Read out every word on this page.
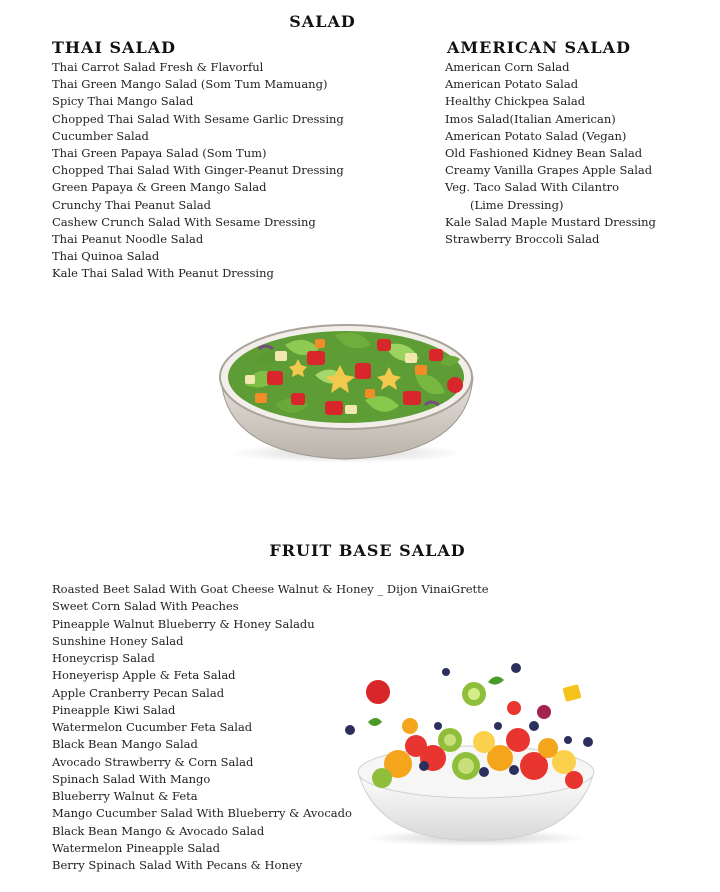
SALAD
THAI SALAD
Thai Carrot Salad Fresh & Flavorful
Thai Green Mango Salad (Som Tum Mamuang)
Spicy Thai Mango Salad
Chopped Thai Salad With Sesame Garlic Dressing
Cucumber Salad
Thai Green Papaya Salad (Som Tum)
Chopped Thai Salad With Ginger-Peanut Dressing
Green Papaya & Green Mango Salad
Crunchy Thai Peanut Salad
Cashew Crunch Salad With Sesame Dressing
Thai Peanut Noodle Salad
Thai Quinoa Salad
Kale Thai Salad With Peanut Dressing
AMERICAN SALAD
American Corn Salad
American Potato Salad
Healthy Chickpea Salad
Imos Salad(Italian American)
American Potato Salad (Vegan)
Old Fashioned Kidney Bean Salad
Creamy Vanilla Grapes Apple Salad
Veg. Taco Salad With Cilantro
(Lime Dressing)
Kale Salad Maple Mustard Dressing
Strawberry Broccoli Salad
FRUIT BASE SALAD
Roasted Beet Salad With Goat Cheese Walnut & Honey _ Dijon VinaiGrette
Sweet Corn Salad With Peaches
Pineapple Walnut Blueberry & Honey Saladu
Sunshine Honey Salad
Honeycrisp Salad
Honeyerisp Apple & Feta Salad
Apple Cranberry Pecan Salad
Pineapple Kiwi Salad
Watermelon Cucumber Feta Salad
Black Bean Mango Salad
Avocado Strawberry & Corn Salad
Spinach Salad With Mango
Blueberry Walnut & Feta
Mango Cucumber Salad With Blueberry & Avocado
Black Bean Mango & Avocado Salad
Watermelon Pineapple Salad
Berry Spinach Salad With Pecans & Honey
